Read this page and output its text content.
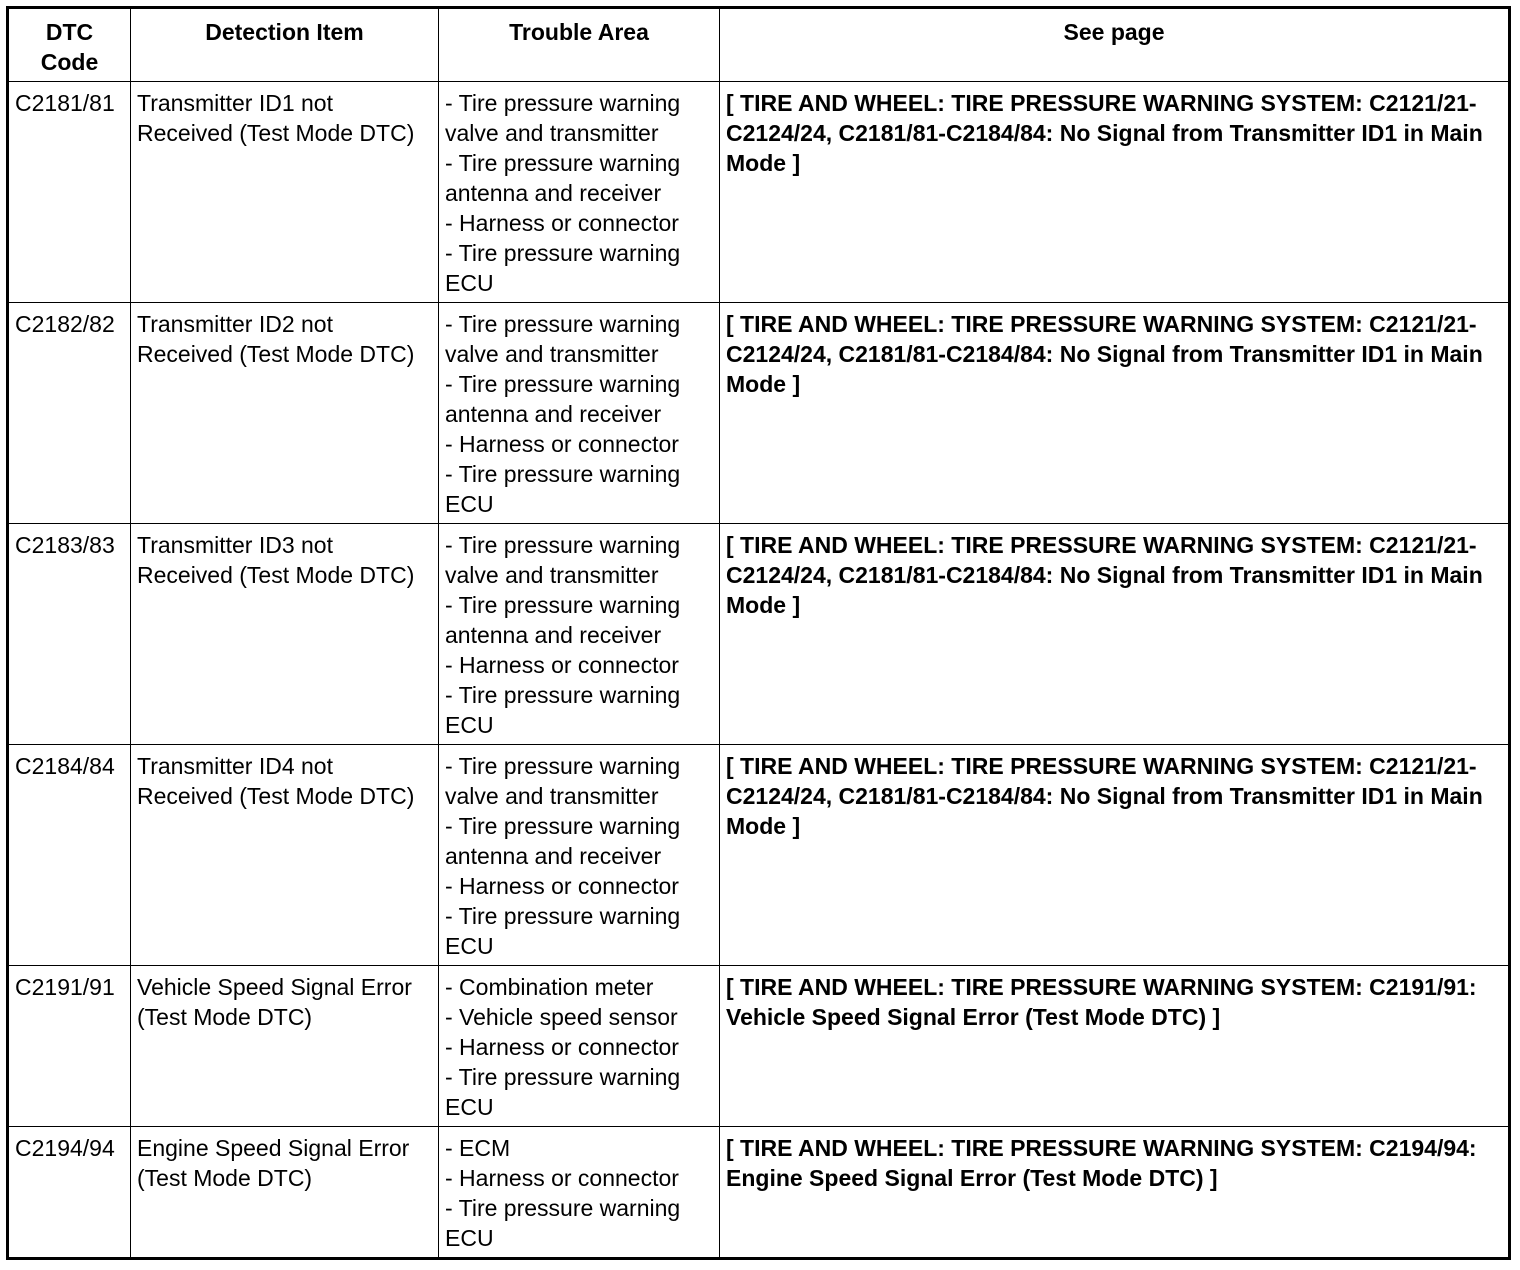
DTC Code	Detection Item	Trouble Area	See page
C2181/81	Transmitter ID1 not Received (Test Mode DTC)	- Tire pressure warning valve and transmitter
- Tire pressure warning antenna and receiver
- Harness or connector
- Tire pressure warning ECU	[ TIRE AND WHEEL: TIRE PRESSURE WARNING SYSTEM: C2121/21-C2124/24, C2181/81-C2184/84: No Signal from Transmitter ID1 in Main Mode ]
C2182/82	Transmitter ID2 not Received (Test Mode DTC)	- Tire pressure warning valve and transmitter
- Tire pressure warning antenna and receiver
- Harness or connector
- Tire pressure warning ECU	[ TIRE AND WHEEL: TIRE PRESSURE WARNING SYSTEM: C2121/21-C2124/24, C2181/81-C2184/84: No Signal from Transmitter ID1 in Main Mode ]
C2183/83	Transmitter ID3 not Received (Test Mode DTC)	- Tire pressure warning valve and transmitter
- Tire pressure warning antenna and receiver
- Harness or connector
- Tire pressure warning ECU	[ TIRE AND WHEEL: TIRE PRESSURE WARNING SYSTEM: C2121/21-C2124/24, C2181/81-C2184/84: No Signal from Transmitter ID1 in Main Mode ]
C2184/84	Transmitter ID4 not Received (Test Mode DTC)	- Tire pressure warning valve and transmitter
- Tire pressure warning antenna and receiver
- Harness or connector
- Tire pressure warning ECU	[ TIRE AND WHEEL: TIRE PRESSURE WARNING SYSTEM: C2121/21-C2124/24, C2181/81-C2184/84: No Signal from Transmitter ID1 in Main Mode ]
C2191/91	Vehicle Speed Signal Error (Test Mode DTC)	- Combination meter
- Vehicle speed sensor
- Harness or connector
- Tire pressure warning ECU	[ TIRE AND WHEEL: TIRE PRESSURE WARNING SYSTEM: C2191/91: Vehicle Speed Signal Error (Test Mode DTC) ]
C2194/94	Engine Speed Signal Error (Test Mode DTC)	- ECM
- Harness or connector
- Tire pressure warning ECU	[ TIRE AND WHEEL: TIRE PRESSURE WARNING SYSTEM: C2194/94: Engine Speed Signal Error (Test Mode DTC) ]
